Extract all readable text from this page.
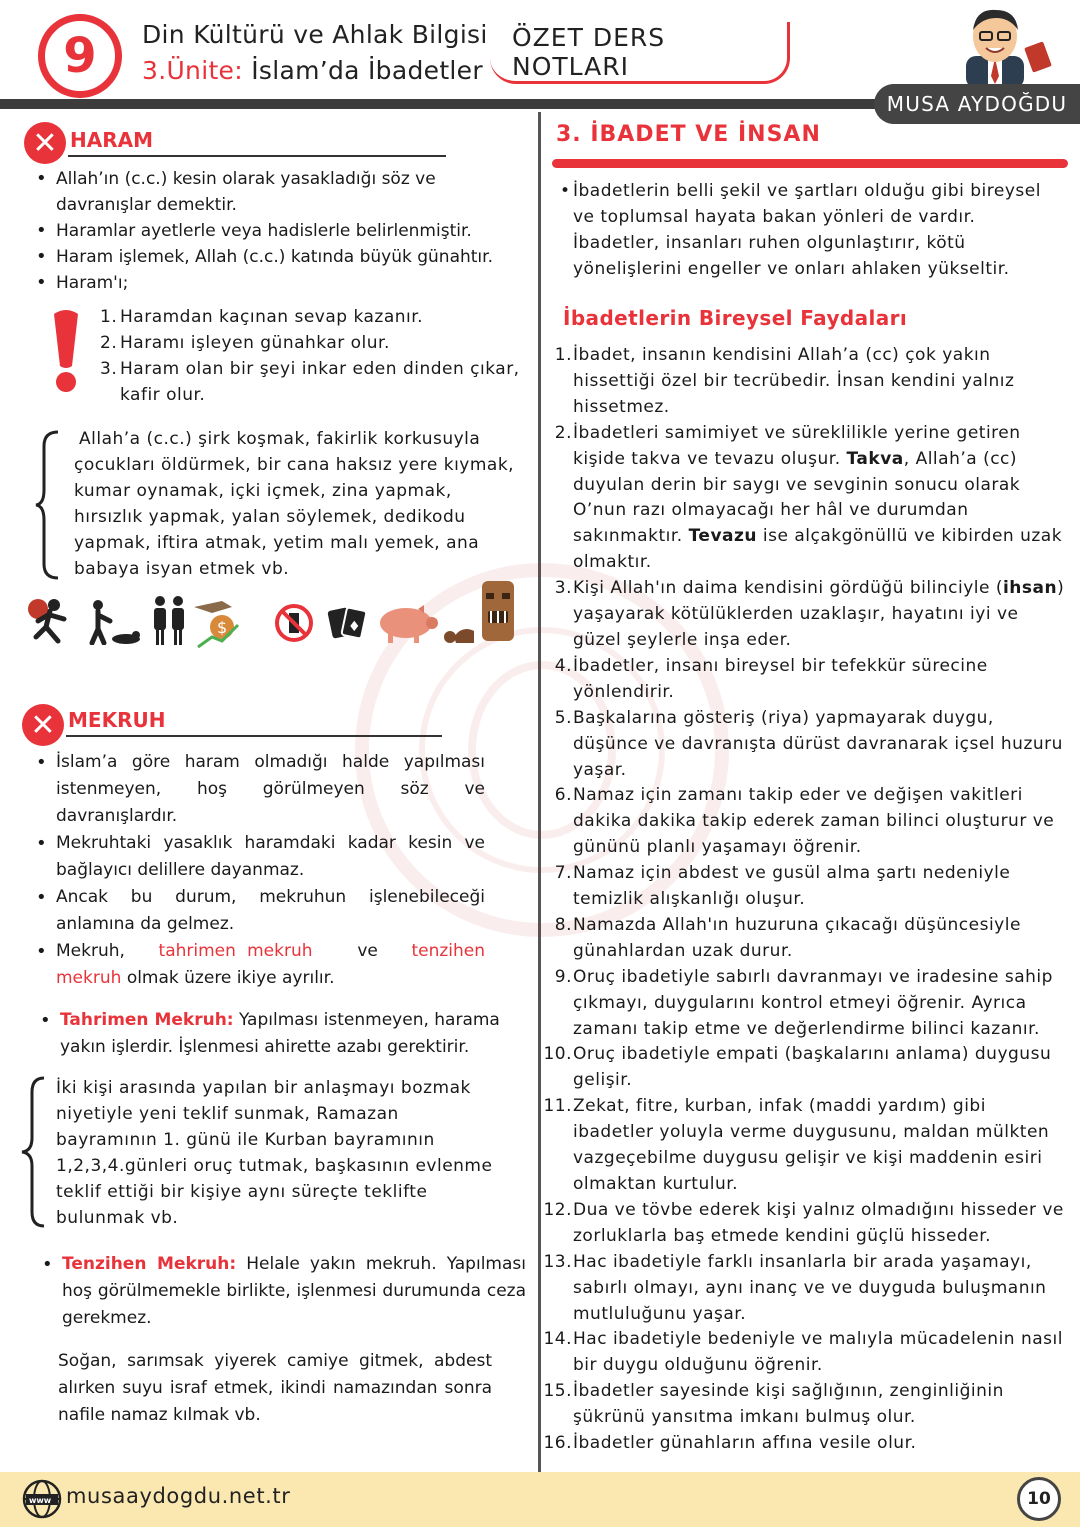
9	Din Kültürü ve Ahlak Bilgisi
3.Ünite: İslam’da İbadetler
ÖZET DERS NOTLARI
MUSA AYDOĞDU
✕ HARAM
• Allah’ın (c.c.) kesin olarak yasakladığı söz ve davranışlar demektir.
• Haramlar ayetlerle veya hadislerle belirlenmiştir.
• Haram işlemek, Allah (c.c.) katında büyük günahtır.
• Haram'ı;
1. Haramdan kaçınan sevap kazanır.
2. Haramı işleyen günahkar olur.
3. Haram olan bir şeyi inkar eden dinden çıkar, kafir olur.
Allah’a (c.c.) şirk koşmak, fakirlik korkusuyla çocukları öldürmek, bir cana haksız yere kıymak, kumar oynamak, içki içmek, zina yapmak, hırsızlık yapmak, yalan söylemek, dedikodu yapmak, iftira atmak, yetim malı yemek, ana babaya isyan etmek vb.
$	♦
✕ MEKRUH
• İslam’a göre haram olmadığı halde yapılması istenmeyen, hoş görülmeyen söz ve davranışlardır.
• Mekruhtaki yasaklık haramdaki kadar kesin ve bağlayıcı delillere dayanmaz.
• Ancak bu durum, mekruhun işlenebileceği anlamına da gelmez.
• Mekruh, tahrimen mekruh	ve tenzihen mekruh olmak üzere ikiye ayrılır.
• Tahrimen Mekruh: Yapılması istenmeyen, harama yakın işlerdir. İşlenmesi ahirette azabı gerektirir.
İki kişi arasında yapılan bir anlaşmayı bozmak niyetiyle yeni teklif sunmak, Ramazan bayramının 1. günü ile Kurban bayramının 1,2,3,4.günleri oruç tutmak, başkasının evlenme teklif ettiği bir kişiye aynı süreçte teklifte bulunmak vb.
• Tenzihen Mekruh: Helale yakın mekruh. Yapılması hoş görülmemekle birlikte, işlenmesi durumunda ceza gerekmez.
Soğan, sarımsak yiyerek camiye gitmek, abdest alırken suyu israf etmek, ikindi namazından sonra nafile namaz kılmak vb.
3. İBADET VE İNSAN
• İbadetlerin belli şekil ve şartları olduğu gibi bireysel ve toplumsal hayata bakan yönleri de vardır. İbadetler, insanları ruhen olgunlaştırır, kötü yönelişlerini engeller ve onları ahlaken yükseltir.
İbadetlerin Bireysel Faydaları
1. İbadet, insanın kendisini Allah’a (cc) çok yakın hissettiği özel bir tecrübedir. İnsan kendini yalnız hissetmez.
2. İbadetleri samimiyet ve süreklilikle yerine getiren kişide takva ve tevazu oluşur. Takva, Allah’a (cc) duyulan derin bir saygı ve sevginin sonucu olarak O’nun razı olmayacağı her hâl ve durumdan sakınmaktır. Tevazu ise alçakgönüllü ve kibirden uzak olmaktır.
3. Kişi Allah'ın daima kendisini gördüğü bilinciyle (ihsan) yaşayarak kötülüklerden uzaklaşır, hayatını iyi ve güzel şeylerle inşa eder.
4. İbadetler, insanı bireysel bir tefekkür sürecine yönlendirir.
5. Başkalarına gösteriş (riya) yapmayarak duygu, düşünce ve davranışta dürüst davranarak içsel huzuru yaşar.
6. Namaz için zamanı takip eder ve değişen vakitleri dakika dakika takip ederek zaman bilinci oluşturur ve gününü planlı yaşamayı öğrenir.
7. Namaz için abdest ve gusül alma şartı nedeniyle temizlik alışkanlığı oluşur.
8. Namazda Allah'ın huzuruna çıkacağı düşüncesiyle günahlardan uzak durur.
9. Oruç ibadetiyle sabırlı davranmayı ve iradesine sahip çıkmayı, duygularını kontrol etmeyi öğrenir. Ayrıca zamanı takip etme ve değerlendirme bilinci kazanır.
10. Oruç ibadetiyle empati (başkalarını anlama) duygusu gelişir.
11. Zekat, fitre, kurban, infak (maddi yardım) gibi ibadetler yoluyla verme duygusunu, maldan mülkten vazgeçebilme duygusu gelişir ve kişi maddenin esiri olmaktan kurtulur.
12. Dua ve tövbe ederek kişi yalnız olmadığını hisseder ve zorluklarla baş etmede kendini güçlü hisseder.
13. Hac ibadetiyle farklı insanlarla bir arada yaşamayı, sabırlı olmayı, aynı inanç ve ve duyguda buluşmanın mutluluğunu yaşar.
14. Hac ibadetiyle bedeniyle ve malıyla mücadelenin nasıl bir duygu olduğunu öğrenir.
15. İbadetler sayesinde kişi sağlığının, zenginliğinin şükrünü yansıtma imkanı bulmuş olur.
16. İbadetler günahların affına vesile olur.
www musaaydogdu.net.tr	10
